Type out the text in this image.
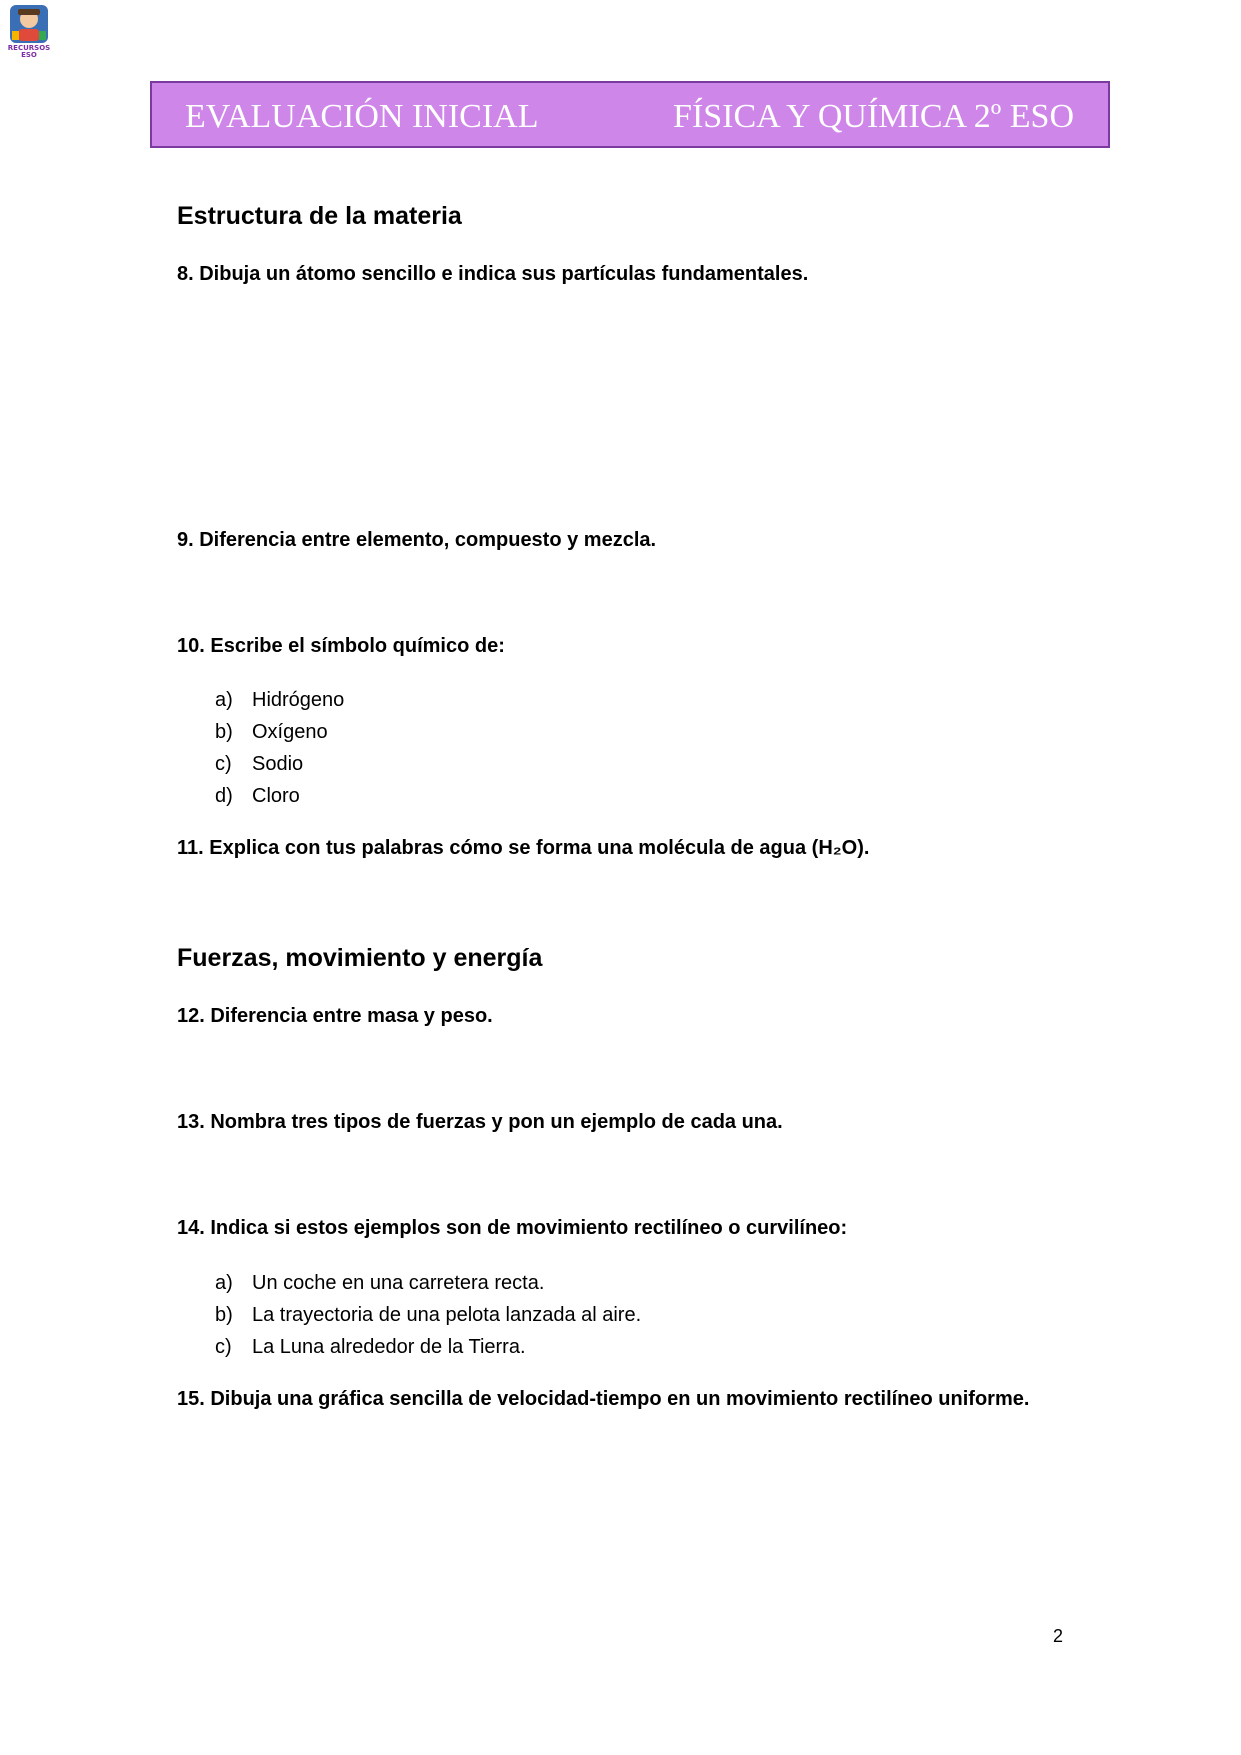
RECURSOS
ESO
EVALUACIÓN INICIAL	FÍSICA Y QUÍMICA 2º ESO
Estructura de la materia
8. Dibuja un átomo sencillo e indica sus partículas fundamentales.
9. Diferencia entre elemento, compuesto y mezcla.
10. Escribe el símbolo químico de:
a) Hidrógeno
b) Oxígeno
c) Sodio
d) Cloro
11. Explica con tus palabras cómo se forma una molécula de agua (H₂O).
Fuerzas, movimiento y energía
12. Diferencia entre masa y peso.
13. Nombra tres tipos de fuerzas y pon un ejemplo de cada una.
14. Indica si estos ejemplos son de movimiento rectilíneo o curvilíneo:
a) Un coche en una carretera recta.
b) La trayectoria de una pelota lanzada al aire.
c) La Luna alrededor de la Tierra.
15. Dibuja una gráfica sencilla de velocidad-tiempo en un movimiento rectilíneo uniforme.
2
